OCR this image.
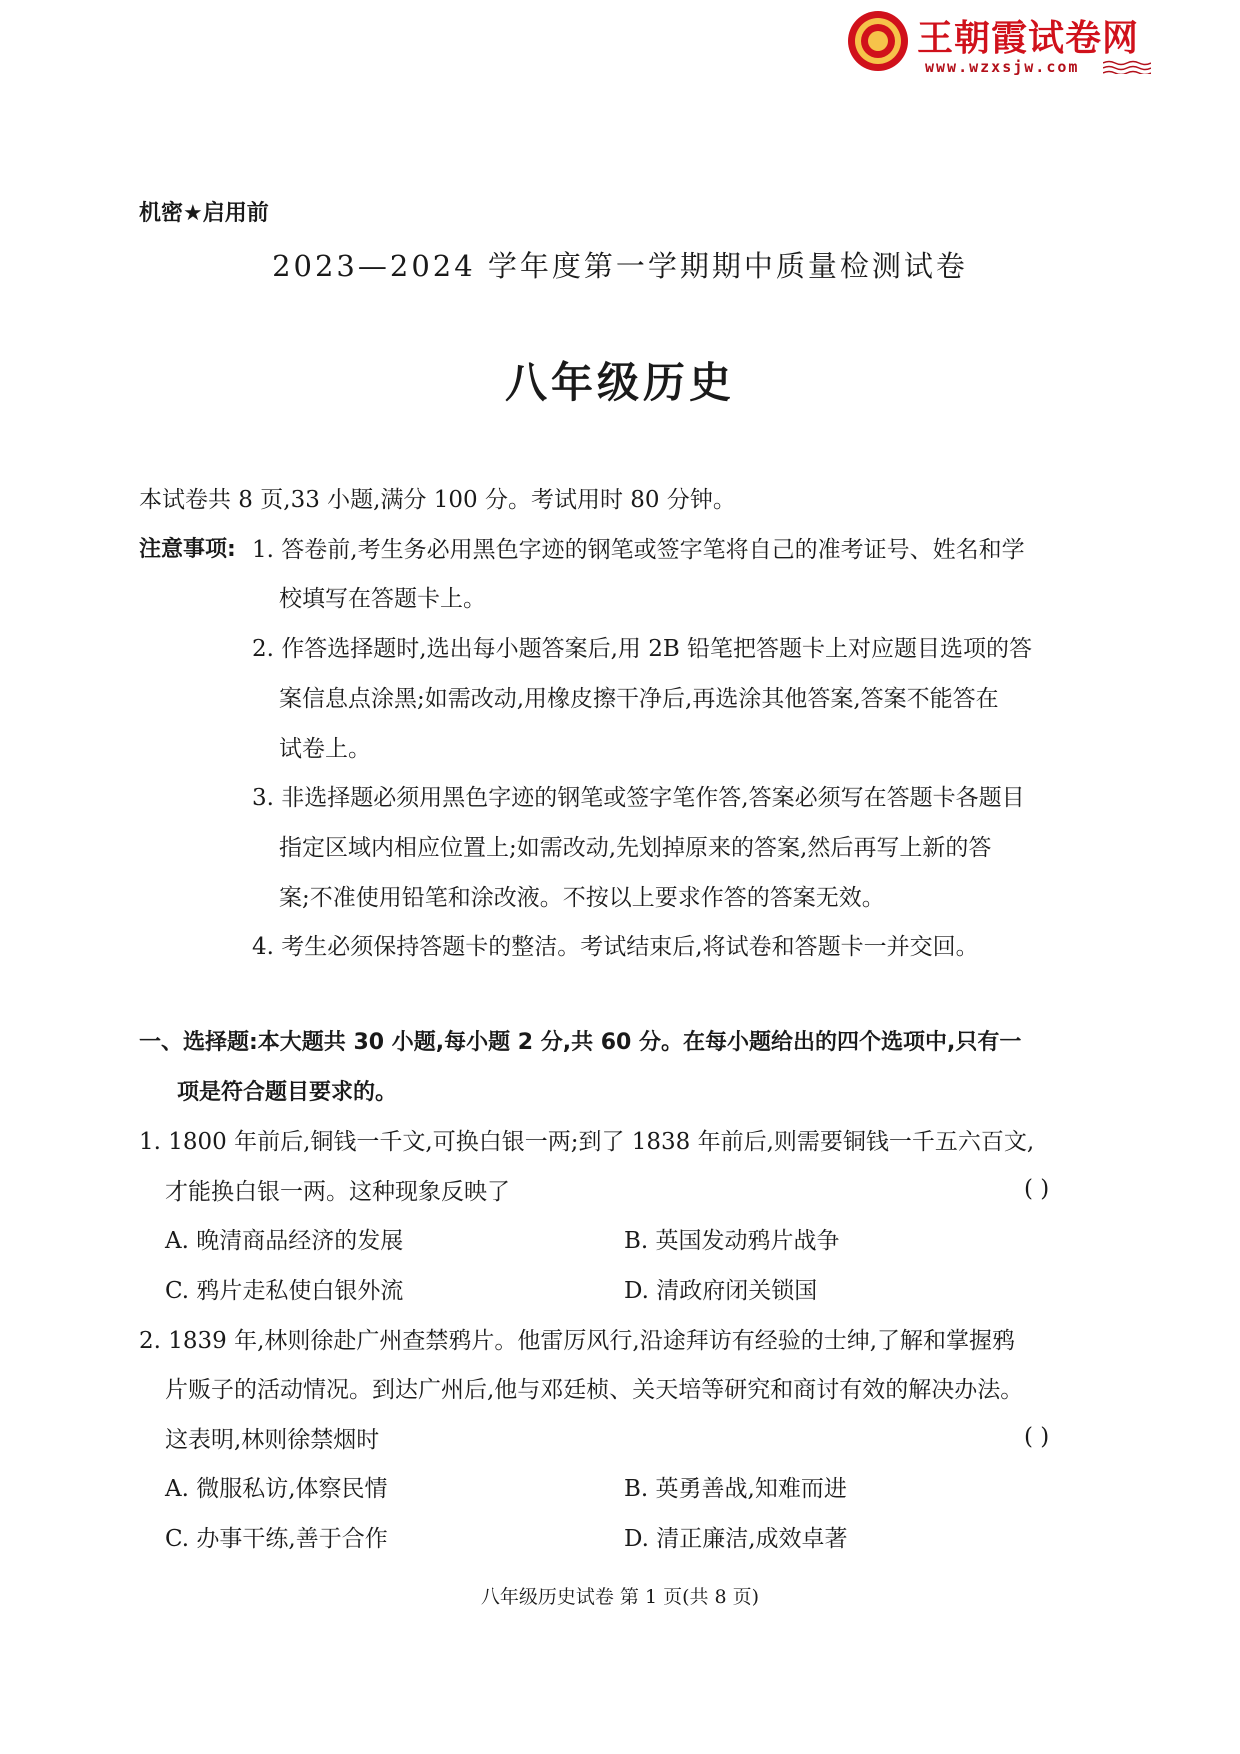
王朝霞试卷网
www.wzxsjw.com
机密★启用前
2023—2024 学年度第一学期期中质量检测试卷
八年级历史
本试卷共 8 页,33 小题,满分 100 分。考试用时 80 分钟。
注意事项: 1. 答卷前,考生务必用黑色字迹的钢笔或签字笔将自己的准考证号、姓名和学
校填写在答题卡上。
2. 作答选择题时,选出每小题答案后,用 2B 铅笔把答题卡上对应题目选项的答
案信息点涂黑;如需改动,用橡皮擦干净后,再选涂其他答案,答案不能答在
试卷上。
3. 非选择题必须用黑色字迹的钢笔或签字笔作答,答案必须写在答题卡各题目
指定区域内相应位置上;如需改动,先划掉原来的答案,然后再写上新的答
案;不准使用铅笔和涂改液。不按以上要求作答的答案无效。
4. 考生必须保持答题卡的整洁。考试结束后,将试卷和答题卡一并交回。
一、选择题:本大题共 30 小题,每小题 2 分,共 60 分。在每小题给出的四个选项中,只有一
项是符合题目要求的。
1. 1800 年前后,铜钱一千文,可换白银一两;到了 1838 年前后,则需要铜钱一千五六百文,
才能换白银一两。这种现象反映了	( )
A. 晚清商品经济的发展	B. 英国发动鸦片战争
C. 鸦片走私使白银外流	D. 清政府闭关锁国
2. 1839 年,林则徐赴广州查禁鸦片。他雷厉风行,沿途拜访有经验的士绅,了解和掌握鸦
片贩子的活动情况。到达广州后,他与邓廷桢、关天培等研究和商讨有效的解决办法。
这表明,林则徐禁烟时	( )
A. 微服私访,体察民情	B. 英勇善战,知难而进
C. 办事干练,善于合作	D. 清正廉洁,成效卓著
八年级历史试卷 第 1 页(共 8 页)
